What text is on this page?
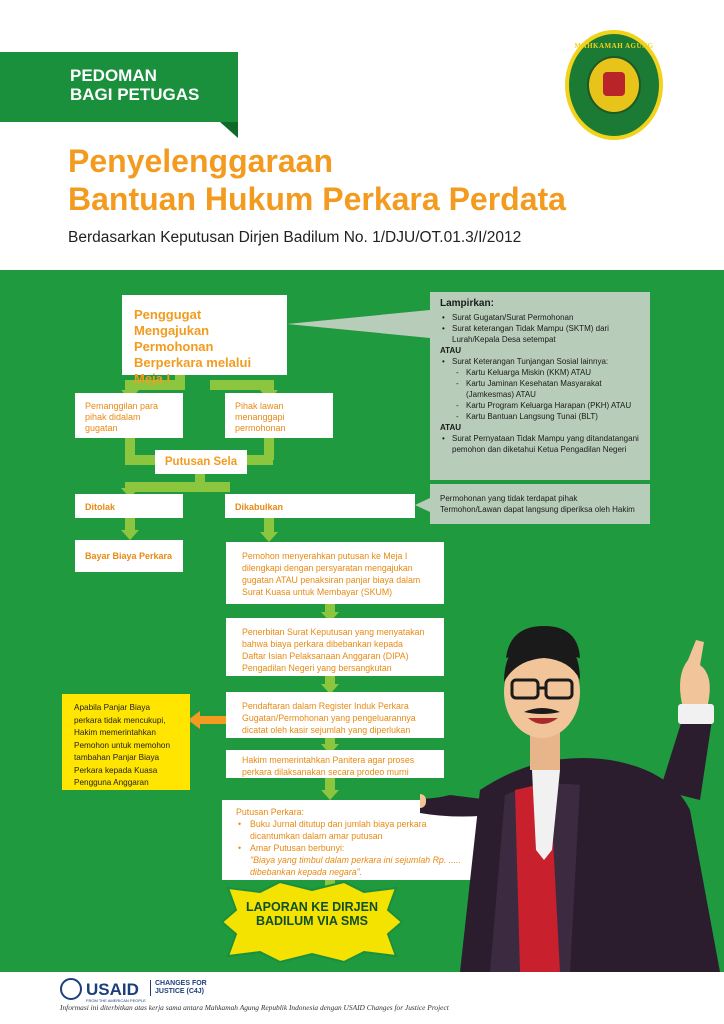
PEDOMAN
BAGI PETUGAS
MAHKAMAH AGUNG
Penyelenggaraan
Bantuan Hukum Perkara Perdata
Berdasarkan Keputusan Dirjen Badilum No. 1/DJU/OT.01.3/I/2012
Penggugat Mengajukan Permohonan Berperkara melalui Meja I
Pemanggilan para pihak didalam gugatan
Pihak lawan menanggapi permohonan
Putusan Sela
Ditolak	Dikabulkan
Bayar Biaya Perkara	Pemohon menyerahkan putusan ke Meja I dilengkapi dengan persyaratan mengajukan gugatan ATAU penaksiran panjar biaya dalam Surat Kuasa untuk Membayar (SKUM)
Penerbitan Surat Keputusan yang menyatakan bahwa biaya perkara dibebankan kepada Daftar Isian Pelaksanaan Anggaran (DIPA) Pengadilan Negeri yang bersangkutan
Pendaftaran dalam Register Induk Perkara Gugatan/Permohonan yang pengeluarannya dicatat oleh kasir sejumlah yang diperlukan
Hakim memerintahkan Panitera agar proses perkara dilaksanakan secara prodeo murni
Putusan Perkara:
• Buku Jurnal ditutup dan jumlah biaya perkara dicantumkan dalam amar putusan
• Amar Putusan berbunyi:
"Biaya yang timbul dalam perkara ini sejumlah Rp. ..... dibebankan kepada negara".
LAPORAN KE DIRJEN BADILUM VIA SMS
Lampirkan:
• Surat Gugatan/Surat Permohonan
• Surat keterangan Tidak Mampu (SKTM) dari Lurah/Kepala Desa setempat
ATAU
• Surat Keterangan Tunjangan Sosial lainnya:
- Kartu Keluarga Miskin (KKM) ATAU
- Kartu Jaminan Kesehatan Masyarakat (Jamkesmas) ATAU
- Kartu Program Keluarga Harapan (PKH) ATAU
- Kartu Bantuan Langsung Tunai (BLT)
ATAU
• Surat Pernyataan Tidak Mampu yang ditandatangani pemohon dan diketahui Ketua Pengadilan Negeri
Permohonan yang tidak terdapat pihak Termohon/Lawan dapat langsung diperiksa oleh Hakim
Apabila Panjar Biaya perkara tidak mencukupi, Hakim memerintahkan Pemohon untuk memohon tambahan Panjar Biaya Perkara kepada Kuasa Pengguna Anggaran
USAID
FROM THE AMERICAN PEOPLE
CHANGES FOR JUSTICE (C4J)
Informasi ini diterbitkan atas kerja sama antara Mahkamah Agung Republik Indonesia dengan USAID Changes for Justice Project
